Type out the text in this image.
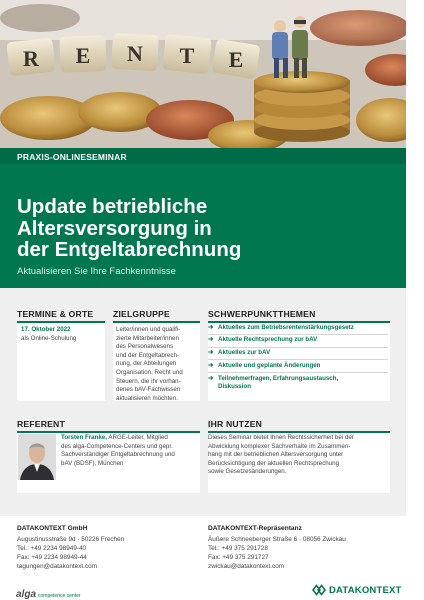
R E N T E
PRAXIS-ONLINESEMINAR
Update betriebliche
Altersversorgung in
der Entgeltabrechnung
Aktualisieren Sie Ihre Fachkenntnisse
TERMINE & ORTE ZIELGRUPPE	SCHWERPUNKTTHEMEN
17. Oktober 2022
als Online-Schulung
Leiter/innen und qualifi-
zierte Mitarbeiter/innen
des Personalwesens
und der Entgeltabrech-
nung, der Abteilungen
Organisation, Recht und
Steuern, die ihr vorhan-
denes bAV-Fachwissen
aktualisieren möchten.
➔ Aktuelles zum Betriebsrentenstärkungsgesetz
➔ Aktuelle Rechtsprechung zur bAV
➔ Aktuelles zur bAV
➔ Aktuelle und geplante Änderungen
➔ Teilnehmerfragen, Erfahrungsaustausch,
Diskussion
REFERENT	IHR NUTZEN
Torsten Franke, ARGE-Leiter, Mitglied
des alga-Competence-Centers und gepr.
Sachverständiger Entgeltabrechnung und
bAV (BDSF), München
Dieses Seminar bietet Ihnen Rechtssicherheit bei der
Abwicklung komplexer Sachverhalte im Zusammen-
hang mit der betrieblichen Altersversorgung unter
Berücksichtigung der aktuellen Rechtsprechung
sowie Gesetzesänderungen.
DATAKONTEXT GmbH
Augustinusstraße 9d · 50226 Frechen
Tel.: +49 2234 98949-40
Fax: +49 2234 98949-44
tagungen@datakontext.com
DATAKONTEXT-Repräsentanz
Äußere Schneeberger Straße 6 · 08056 Zwickau
Tel.: +49 375 291728
Fax: +49 375 291727
zwickau@datakontext.com
alga competence center
DATAKONTEXT
